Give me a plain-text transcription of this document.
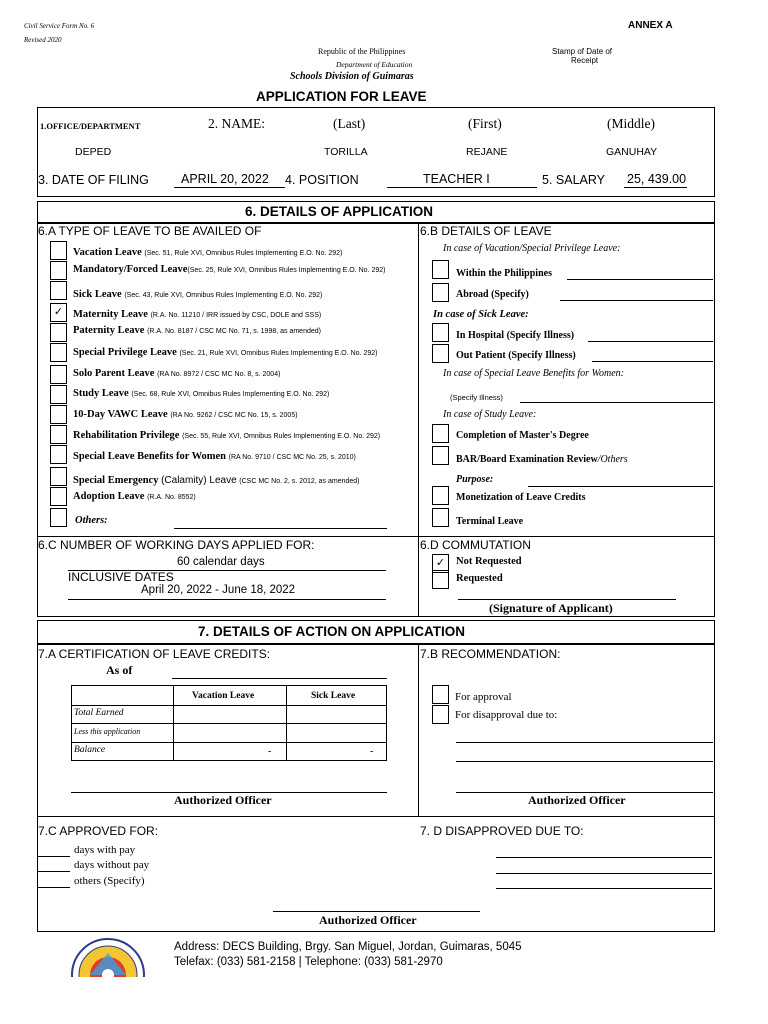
Civil Service Form No. 6
Revised 2020
ANNEX A
Republic of the Philippines
Department of Education
Schools Division of Guimaras
Stamp of Date of
Receipt
APPLICATION FOR LEAVE
1.OFFICE/DEPARTMENT	2. NAME:	(Last)	(First)	(Middle)
DEPED	TORILLA	REJANE	GANUHAY
3. DATE OF FILING	APRIL 20, 2022 4. POSITION	TEACHER I	5. SALARY 25, 439.00
6. DETAILS OF APPLICATION
6.A TYPE OF LEAVE TO BE AVAILED OF	6.B DETAILS OF LEAVE
Vacation Leave (Sec. 51, Rule XVI, Omnibus Rules Implementing E.O. No. 292)
Mandatory/Forced Leave(Sec. 25, Rule XVI, Omnibus Rules Implementing E.O. No. 292)
Sick Leave (Sec. 43, Rule XVI, Omnibus Rules Implementing E.O. No. 292)
✓ Maternity Leave (R.A. No. 11210 / IRR issued by CSC, DOLE and SSS)
Paternity Leave (R.A. No. 8187 / CSC MC No. 71, s. 1998, as amended)
Special Privilege Leave (Sec. 21, Rule XVI, Omnibus Rules Implementing E.O. No. 292)
Solo Parent Leave (RA No. 8972 / CSC MC No. 8, s. 2004)
Study Leave (Sec. 68, Rule XVI, Omnibus Rules Implementing E.O. No. 292)
10-Day VAWC Leave (RA No. 9262 / CSC MC No. 15, s. 2005)
Rehabilitation Privilege (Sec. 55, Rule XVI, Omnibus Rules Implementing E.O. No. 292)
Special Leave Benefits for Women (RA No. 9710 / CSC MC No. 25, s. 2010)
Special Emergency (Calamity) Leave (CSC MC No. 2, s. 2012, as amended)
Adoption Leave (R.A. No. 8552)
Others:
In case of Vacation/Special Privilege Leave:
Within the Philippines
Abroad (Specify)
In case of Sick Leave:
In Hospital (Specify Illness)
Out Patient (Specify Illness)
In case of Special Leave Benefits for Women:
(Specify Illness)
In case of Study Leave:
Completion of Master's Degree
BAR/Board Examination Review/Others
Purpose:
Monetization of Leave Credits
Terminal Leave
6.C NUMBER OF WORKING DAYS APPLIED FOR:
60 calendar days
INCLUSIVE DATES
April 20, 2022 - June 18, 2022
6.D COMMUTATION
✓	Not Requested
Requested
(Signature of Applicant)
7. DETAILS OF ACTION ON APPLICATION
7.A CERTIFICATION OF LEAVE CREDITS:
As of
Vacation Leave	Sick Leave
Total Earned
Less this application
Balance	-	-
Authorized Officer
7.B RECOMMENDATION:
For approval
For disapproval due to:
Authorized Officer
7.C APPROVED FOR:
days with pay
days without pay
others (Specify)
7. D DISAPPROVED DUE TO:
Authorized Officer
Address: DECS Building, Brgy. San Miguel, Jordan, Guimaras, 5045
Telefax: (033) 581-2158 | Telephone: (033) 581-2970
